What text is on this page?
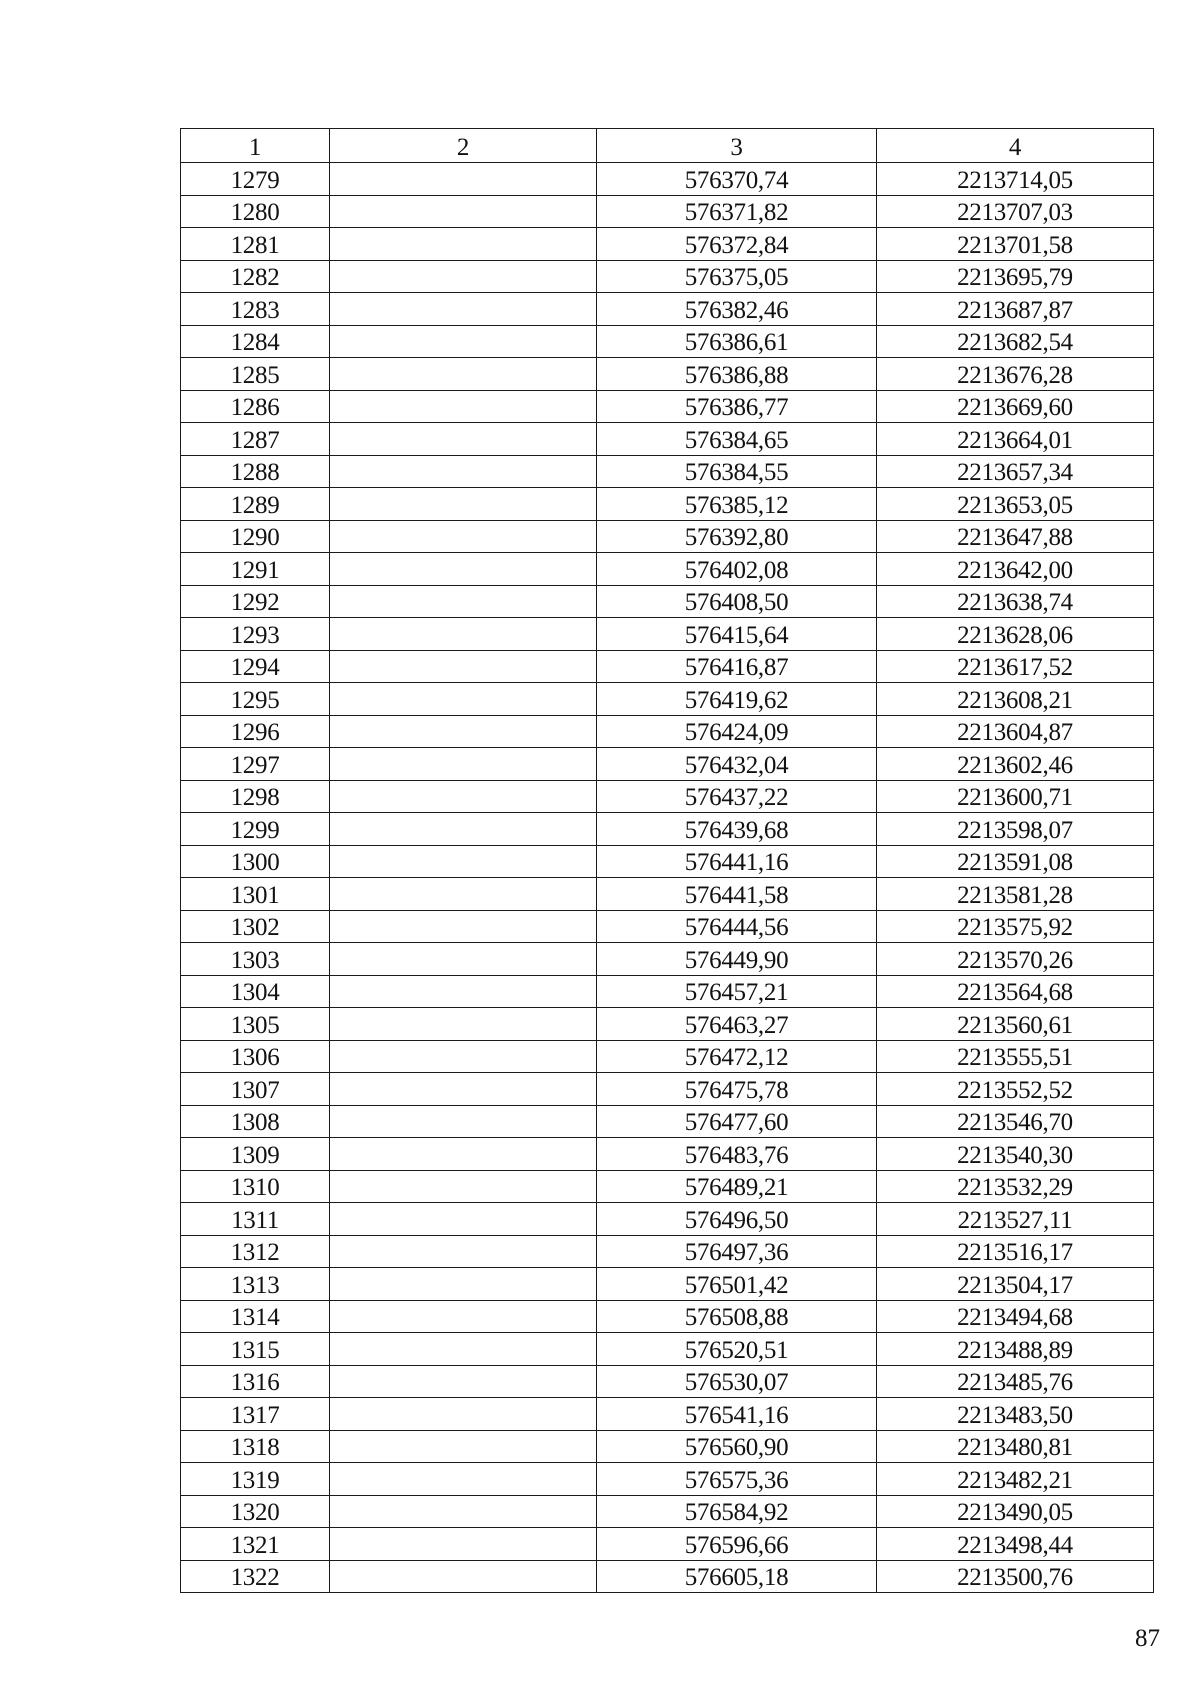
1	2	3	4
1279		576370,74	2213714,05
1280		576371,82	2213707,03
1281		576372,84	2213701,58
1282		576375,05	2213695,79
1283		576382,46	2213687,87
1284		576386,61	2213682,54
1285		576386,88	2213676,28
1286		576386,77	2213669,60
1287		576384,65	2213664,01
1288		576384,55	2213657,34
1289		576385,12	2213653,05
1290		576392,80	2213647,88
1291		576402,08	2213642,00
1292		576408,50	2213638,74
1293		576415,64	2213628,06
1294		576416,87	2213617,52
1295		576419,62	2213608,21
1296		576424,09	2213604,87
1297		576432,04	2213602,46
1298		576437,22	2213600,71
1299		576439,68	2213598,07
1300		576441,16	2213591,08
1301		576441,58	2213581,28
1302		576444,56	2213575,92
1303		576449,90	2213570,26
1304		576457,21	2213564,68
1305		576463,27	2213560,61
1306		576472,12	2213555,51
1307		576475,78	2213552,52
1308		576477,60	2213546,70
1309		576483,76	2213540,30
1310		576489,21	2213532,29
1311		576496,50	2213527,11
1312		576497,36	2213516,17
1313		576501,42	2213504,17
1314		576508,88	2213494,68
1315		576520,51	2213488,89
1316		576530,07	2213485,76
1317		576541,16	2213483,50
1318		576560,90	2213480,81
1319		576575,36	2213482,21
1320		576584,92	2213490,05
1321		576596,66	2213498,44
1322		576605,18	2213500,76
87
